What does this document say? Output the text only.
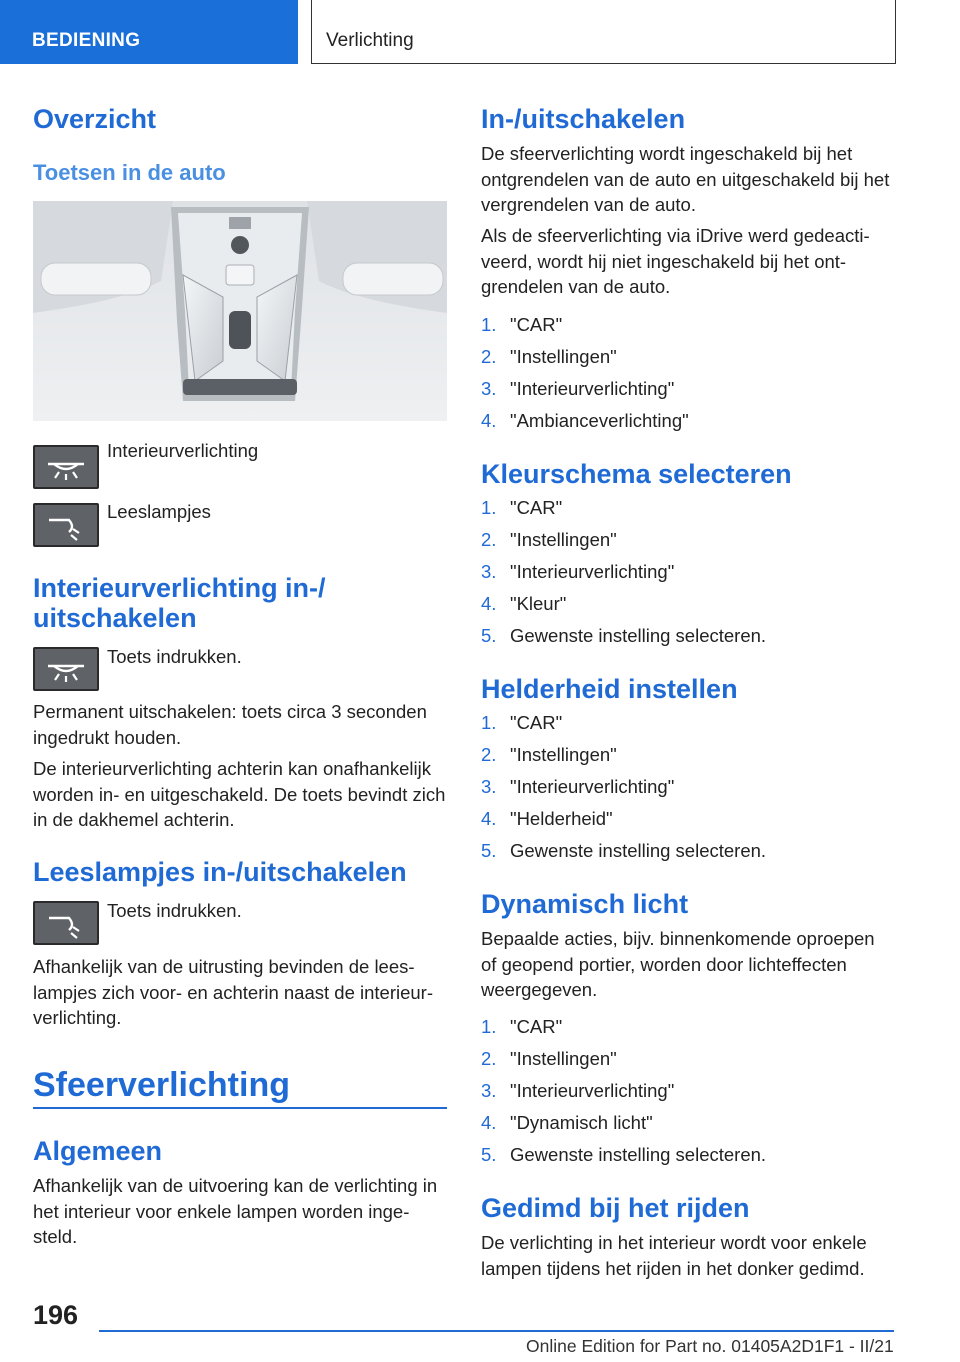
BEDIENING	Verlichting
Overzicht
Toetsen in de auto

Interieurverlichting

Leeslampjes

Interieurverlichting in-/ uitschakelen

Toets indrukken.

Permanent uitschakelen: toets circa 3 seconden ingedrukt houden.

De interieurverlichting achterin kan onafhankelijk worden in- en uitgeschakeld. De toets bevindt zich in de dakhemel achterin.

Leeslampjes in-/uitschakelen

Toets indrukken.

Afhankelijk van de uitrusting bevinden de lees- lampjes zich voor- en achterin naast de interieur- verlichting.

Sfeerverlichting
Algemeen

Afhankelijk van de uitvoering kan de verlichting in het interieur voor enkele lampen worden inge- steld.

In-/uitschakelen

De sfeerverlichting wordt ingeschakeld bij het ontgrendelen van de auto en uitgeschakeld bij het vergrendelen van de auto.

Als de sfeerverlichting via iDrive werd gedeacti- veerd, wordt hij niet ingeschakeld bij het ont- grendelen van de auto.

1. "CAR"
2. "Instellingen"
3. "Interieurverlichting"
4. "Ambianceverlichting"
Kleurschema selecteren
1. "CAR"
2. "Instellingen"
3. "Interieurverlichting"
4. "Kleur"
5. Gewenste instelling selecteren.
Helderheid instellen
1. "CAR"
2. "Instellingen"
3. "Interieurverlichting"
4. "Helderheid"
5. Gewenste instelling selecteren.
Dynamisch licht

Bepaalde acties, bijv. binnenkomende oproepen of geopend portier, worden door lichteffecten weergegeven.

1. "CAR"
2. "Instellingen"
3. "Interieurverlichting"
4. "Dynamisch licht"
5. Gewenste instelling selecteren.
Gedimd bij het rijden

De verlichting in het interieur wordt voor enkele lampen tijdens het rijden in het donker gedimd.

196
Online Edition for Part no. 01405A2D1F1 - II/21
